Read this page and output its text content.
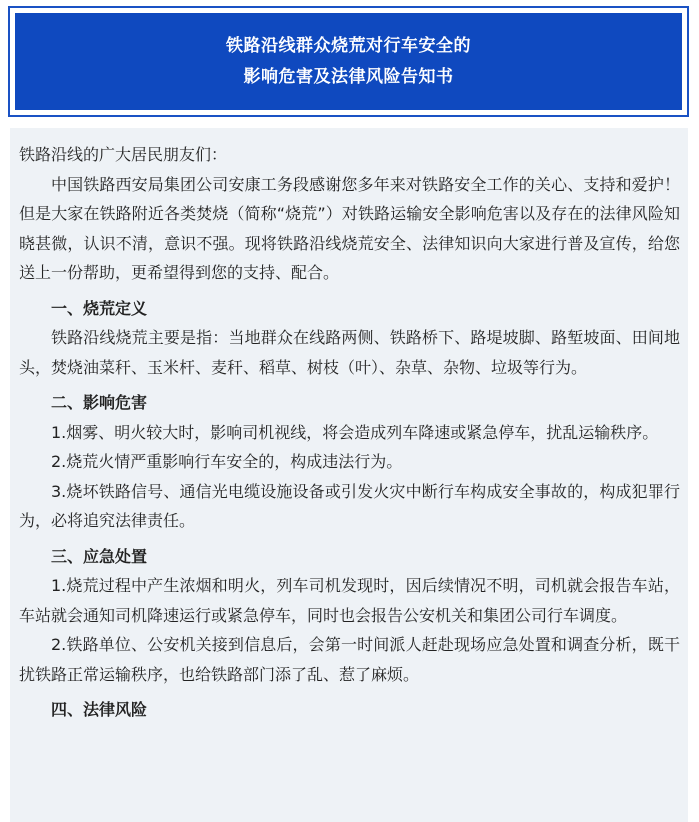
铁路沿线群众烧荒对行车安全的
影响危害及法律风险告知书

铁路沿线的广大居民朋友们：

中国铁路西安局集团公司安康工务段感谢您多年来对铁路安全工作的关心、支持和爱护！但是大家在铁路附近各类焚烧（简称“烧荒”）对铁路运输安全影响危害以及存在的法律风险知晓甚微，认识不清，意识不强。现将铁路沿线烧荒安全、法律知识向大家进行普及宣传，给您送上一份帮助，更希望得到您的支持、配合。

一、烧荒定义

铁路沿线烧荒主要是指：当地群众在线路两侧、铁路桥下、路堤坡脚、路堑坡面、田间地头，焚烧油菜秆、玉米杆、麦秆、稻草、树枝（叶）、杂草、杂物、垃圾等行为。

二、影响危害

1.烟雾、明火较大时，影响司机视线，将会造成列车降速或紧急停车，扰乱运输秩序。

2.烧荒火情严重影响行车安全的，构成违法行为。

3.烧坏铁路信号、通信光电缆设施设备或引发火灾中断行车构成安全事故的，构成犯罪行为，必将追究法律责任。

三、应急处置

1.烧荒过程中产生浓烟和明火，列车司机发现时，因后续情况不明，司机就会报告车站，车站就会通知司机降速运行或紧急停车，同时也会报告公安机关和集团公司行车调度。

2.铁路单位、公安机关接到信息后，会第一时间派人赶赴现场应急处置和调查分析，既干扰铁路正常运输秩序，也给铁路部门添了乱、惹了麻烦。

四、法律风险
